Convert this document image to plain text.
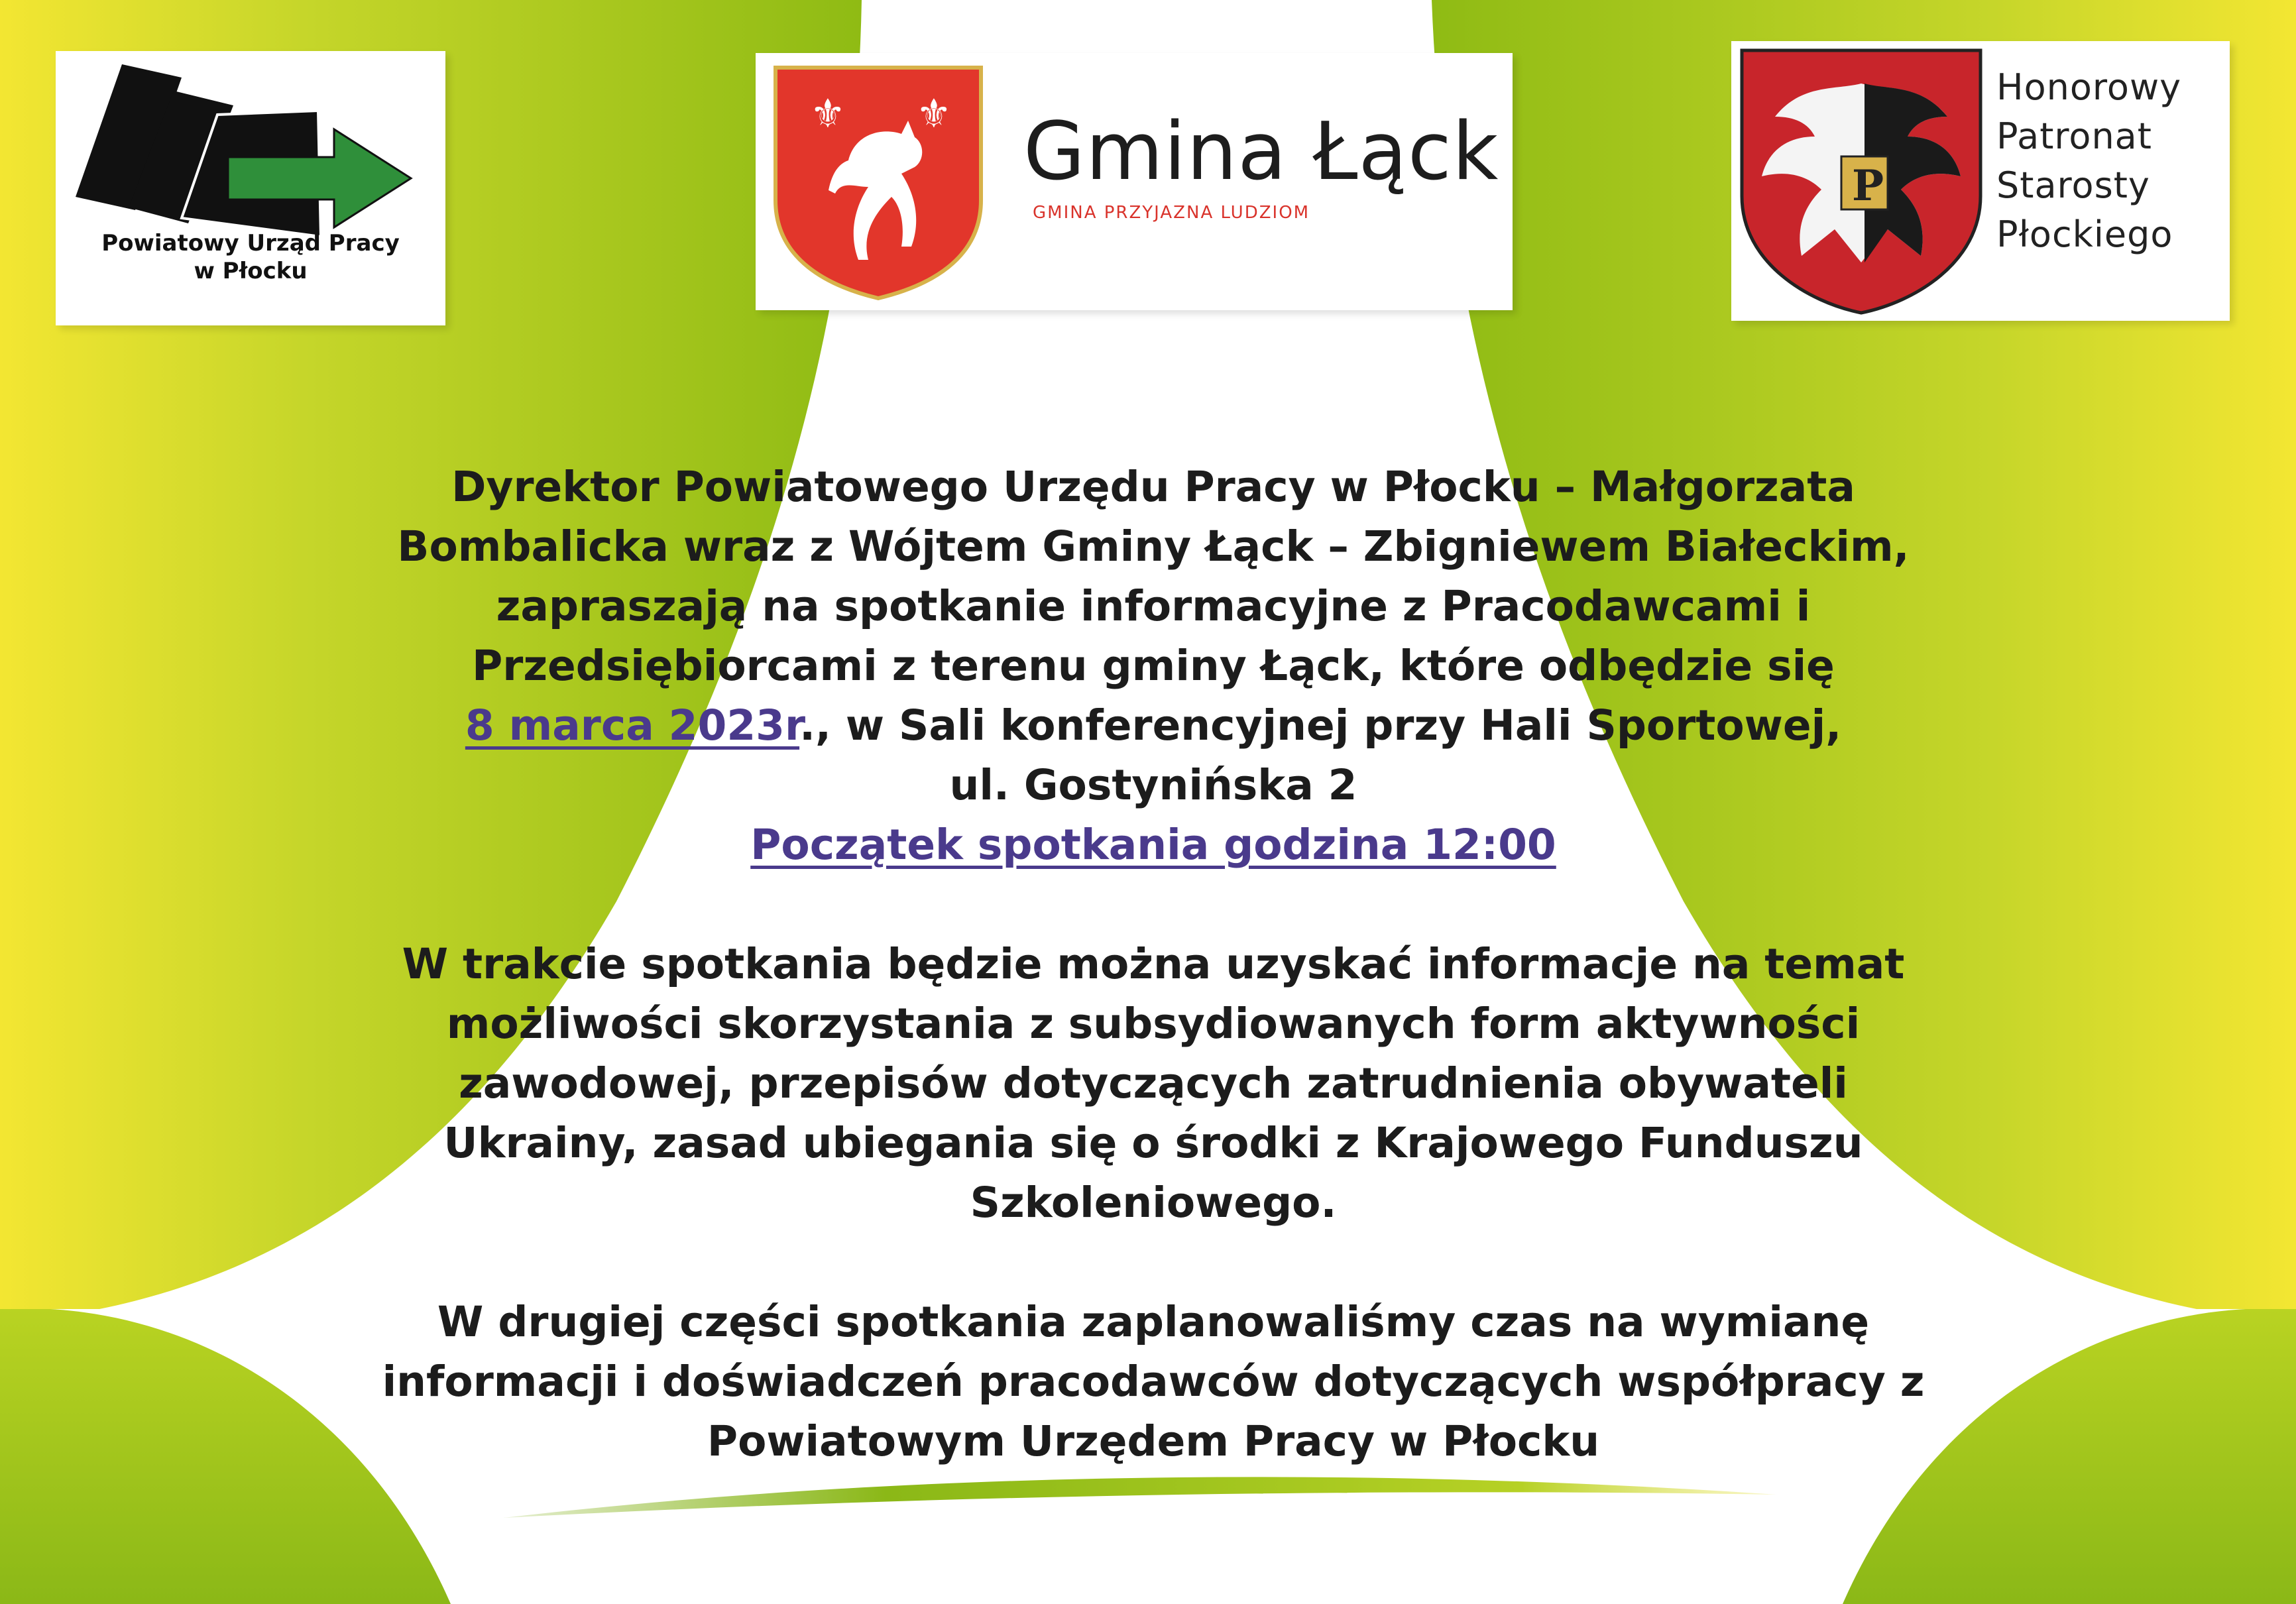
Powiatowy Urząd Pracy
w Płocku
⚜ ⚜ Gmina Łąck
GMINA PRZYJAZNA LUDZIOM
P
Honorowy
Patronat
Starosty
Płockiego

Dyrektor Powiatowego Urzędu Pracy w Płocku – Małgorzata
Bombalicka wraz z Wójtem Gminy Łąck – Zbigniewem Białeckim,
zapraszają na spotkanie informacyjne z Pracodawcami i
Przedsiębiorcami z terenu gminy Łąck, które odbędzie się
8 marca 2023r., w Sali konferencyjnej przy Hali Sportowej,
ul. Gostynińska 2
Początek spotkania godzina 12:00

W trakcie spotkania będzie można uzyskać informacje na temat
możliwości skorzystania z subsydiowanych form aktywności
zawodowej, przepisów dotyczących zatrudnienia obywateli
Ukrainy, zasad ubiegania się o środki z Krajowego Funduszu
Szkoleniowego.

W drugiej części spotkania zaplanowaliśmy czas na wymianę
informacji i doświadczeń pracodawców dotyczących współpracy z
Powiatowym Urzędem Pracy w Płocku
